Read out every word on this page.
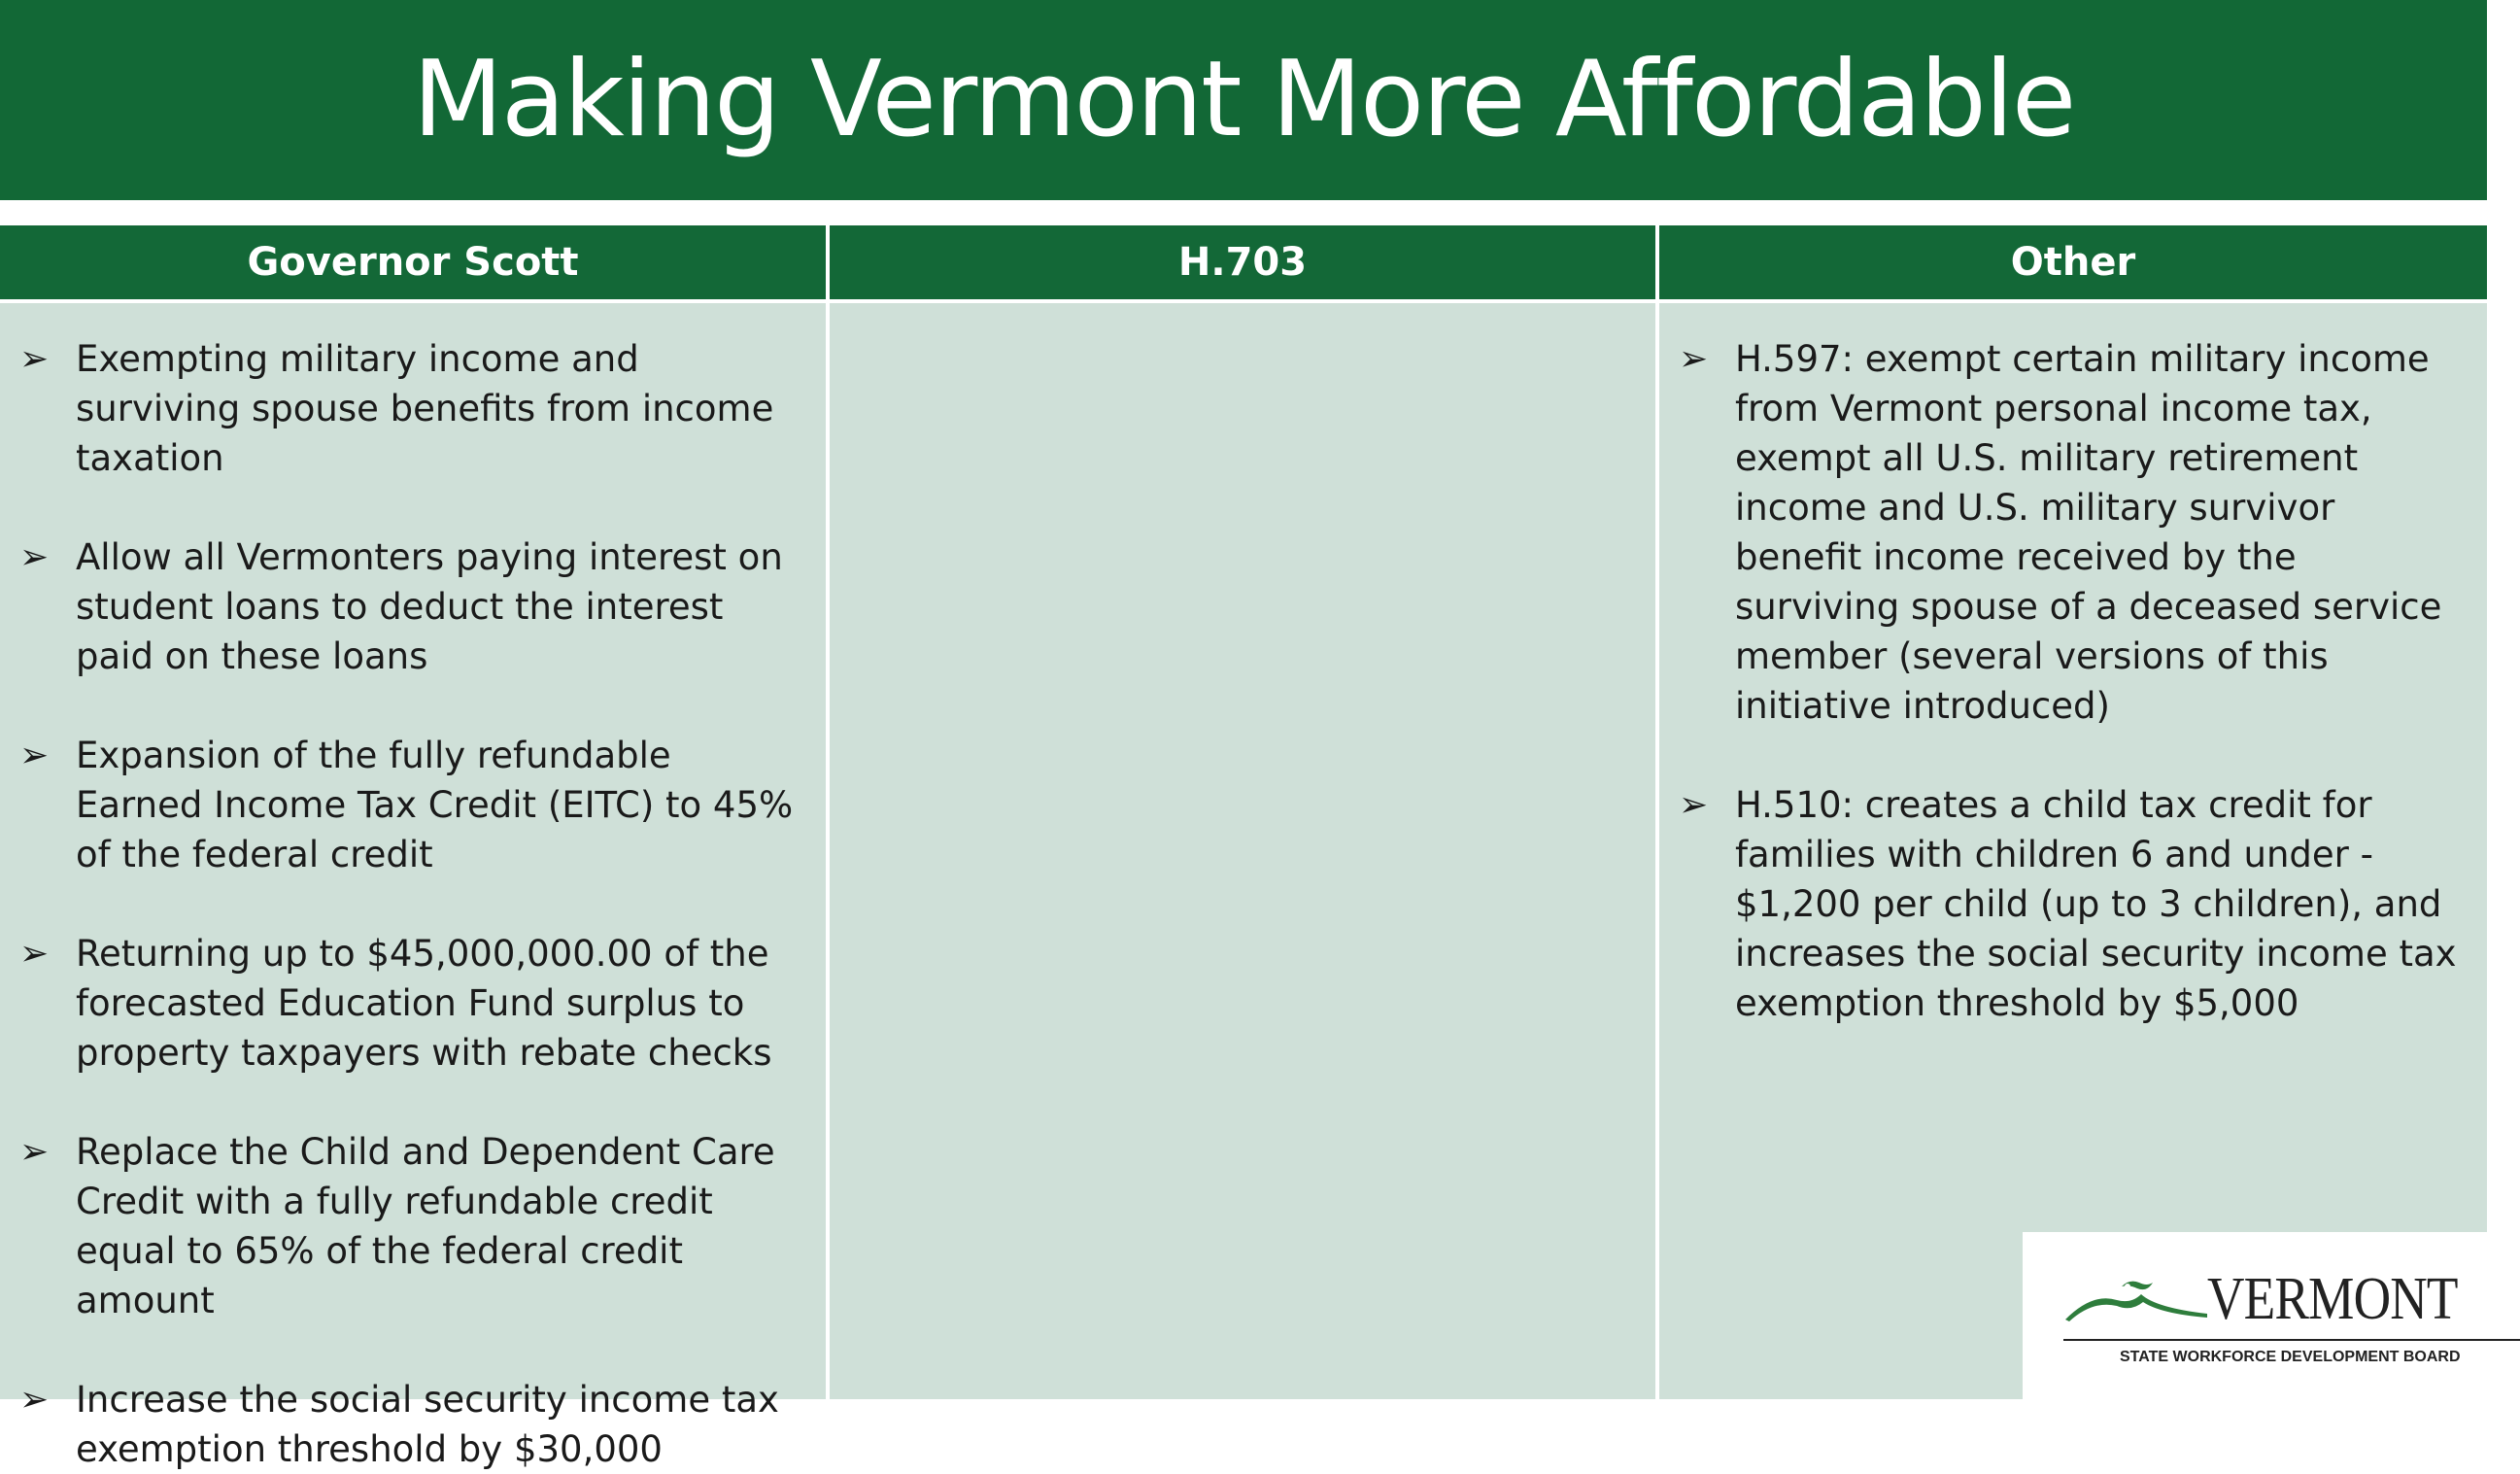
Making Vermont More Affordable
Governor Scott	H.703	Other
➢ Exempting military income and surviving spouse benefits from income taxation
➢ Allow all Vermonters paying interest on student loans to deduct the interest paid on these loans
➢ Expansion of the fully refundable Earned Income Tax Credit (EITC) to 45% of the federal credit
➢ Returning up to $45,000,000.00 of the forecasted Education Fund surplus to property taxpayers with rebate checks
➢ Replace the Child and Dependent Care Credit with a fully refundable credit equal to 65% of the federal credit amount
➢ Increase the social security income tax exemption threshold by $30,000
➢ H.597: exempt certain military income from Vermont personal income tax, exempt all U.S. military retirement income and U.S. military survivor benefit income received by the surviving spouse of a deceased service member (several versions of this initiative introduced)
➢ H.510: creates a child tax credit for families with children 6 and under - $1,200 per child (up to 3 children), and increases the social security income tax exemption threshold by $5,000
VERMONT
STATE WORKFORCE DEVELOPMENT BOARD
